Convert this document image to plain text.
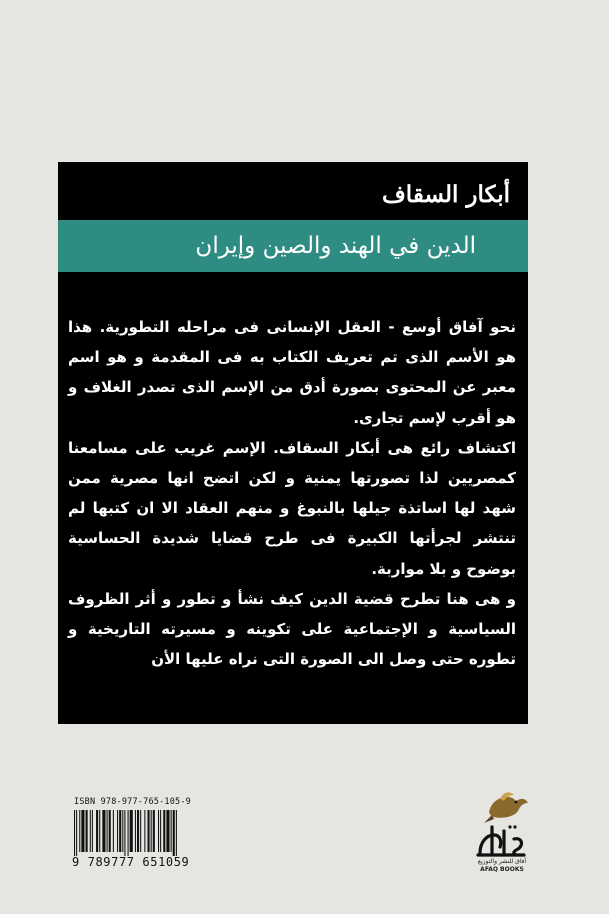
أبكار السقاف
الدين في الهند والصين وإيران

نحو آفاق أوسع - العقل الإنسانى فى مراحله التطورية. هذا هو الأسم الذى تم تعريف الكتاب به فى المقدمة و هو اسم معبر عن المحتوى بصورة أدق من الإسم الذى تصدر الغلاف و هو أقرب لإسم تجارى.

اكتشاف رائع هى أبكار السقاف. الإسم غريب على مسامعنا كمصريين لذا تصورتها يمنية و لكن اتضح انها مصرية ممن شهد لها اساتذة جيلها بالنبوغ و منهم العقاد الا ان كتبها لم تنتشر لجرأتها الكبيرة فى طرح قضايا شديدة الحساسية بوضوح و بلا مواربة.

و هى هنا تطرح قضية الدين كيف نشأ و تطور و أثر الظروف السياسية و الإجتماعية على تكوينه و مسيرته التاريخية و تطوره حتى وصل الى الصورة التى نراه عليها الأن

ISBN 978-977-765-105-9
9 789777 651059	آفاق للنشر والتوزيع
AFAQ BOOKS
